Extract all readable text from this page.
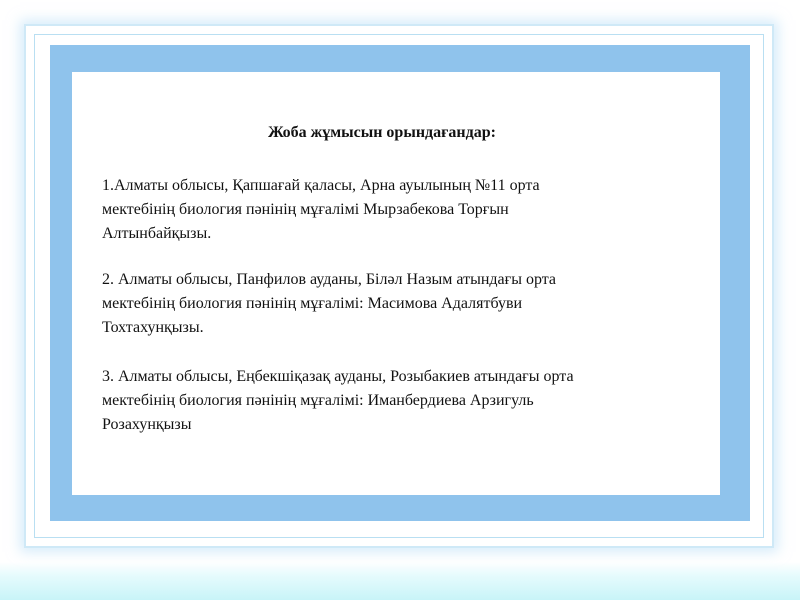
Жоба жұмысын орындағандар:
1.Алматы облысы, Қапшағай қаласы, Арна ауылының №11 орта
мектебінің биология пәнінің мұғалімі Мырзабекова Торғын
Алтынбайқызы.
2. Алматы облысы, Панфилов ауданы, Біләл Назым атындағы орта
мектебінің биология пәнінің мұғалімі: Масимова Адалятбуви
Тохтахунқызы.
3. Алматы облысы, Еңбекшіқазақ ауданы, Розыбакиев атындағы орта
мектебінің биология пәнінің мұғалімі: Иманбердиева Арзигуль
Розахунқызы
